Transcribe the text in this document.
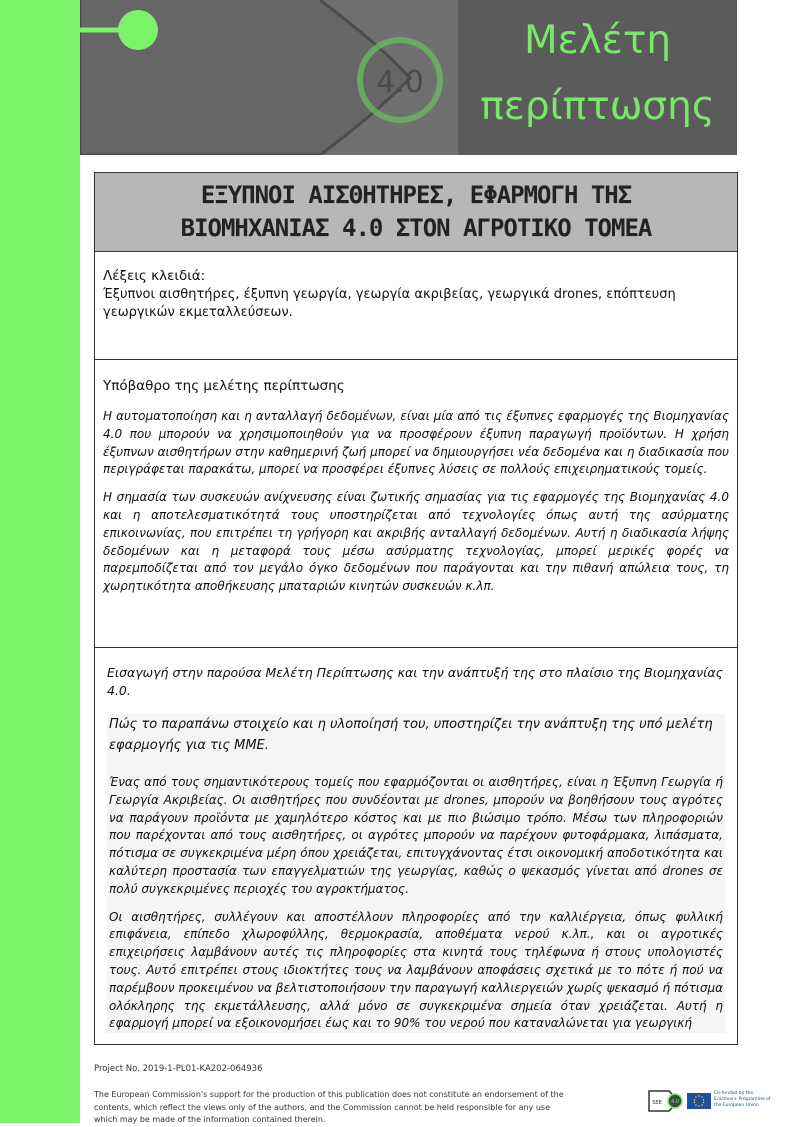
4.0
Μελέτη
περίπτωσης
ΕΞΥΠΝΟΙ ΑΙΣΘΗΤΗΡΕΣ, ΕΦΑΡΜΟΓΗ ΤΗΣ
ΒΙΟΜΗΧΑΝΙΑΣ 4.0 ΣΤΟΝ ΑΓΡΟΤΙΚΟ ΤΟΜΕΑ
Λέξεις κλειδιά:
Έξυπνοι αισθητήρες, έξυπνη γεωργία, γεωργία ακριβείας, γεωργικά drones, επόπτευση γεωργικών εκμεταλλεύσεων.
Υπόβαθρο της μελέτης περίπτωσης

Η αυτοματοποίηση και η ανταλλαγή δεδομένων, είναι μία από τις έξυπνες εφαρμογές της Βιομηχανίας 4.0 που μπορούν να χρησιμοποιηθούν για να προσφέρουν έξυπνη παραγωγή προϊόντων. Η χρήση έξυπνων αισθητήρων στην καθημερινή ζωή μπορεί να δημιουργήσει νέα δεδομένα και η διαδικασία που περιγράφεται παρακάτω, μπορεί να προσφέρει έξυπνες λύσεις σε πολλούς επιχειρηματικούς τομείς.

Η σημασία των συσκευών ανίχνευσης είναι ζωτικής σημασίας για τις εφαρμογές της Βιομηχανίας 4.0 και η αποτελεσματικότητά τους υποστηρίζεται από τεχνολογίες όπως αυτή της ασύρματης επικοινωνίας, που επιτρέπει τη γρήγορη και ακριβής ανταλλαγή δεδομένων. Αυτή η διαδικασία λήψης δεδομένων και η μεταφορά τους μέσω ασύρματης τεχνολογίας, μπορεί μερικές φορές να παρεμποδίζεται από τον μεγάλο όγκο δεδομένων που παράγονται και την πιθανή απώλεια τους, τη χωρητικότητα αποθήκευσης μπαταριών κινητών συσκευών κ.λπ.

Εισαγωγή στην παρούσα Μελέτη Περίπτωσης και την ανάπτυξή της στο πλαίσιο της Βιομηχανίας 4.0.

Πώς το παραπάνω στοιχείο και η υλοποίησή του, υποστηρίζει την ανάπτυξη της υπό μελέτη εφαρμογής για τις ΜΜΕ.

Ένας από τους σημαντικότερους τομείς που εφαρμόζονται οι αισθητήρες, είναι η Έξυπνη Γεωργία ή Γεωργία Ακριβείας. Οι αισθητήρες που συνδέονται με drones, μπορούν να βοηθήσουν τους αγρότες να παράγουν προϊόντα με χαμηλότερο κόστος και με πιο βιώσιμο τρόπο. Μέσω των πληροφοριών που παρέχονται από τους αισθητήρες, οι αγρότες μπορούν να παρέχουν φυτοφάρμακα, λιπάσματα, πότισμα σε συγκεκριμένα μέρη όπου χρειάζεται, επιτυγχάνοντας έτσι οικονομική αποδοτικότητα και καλύτερη προστασία των επαγγελματιών της γεωργίας, καθώς ο ψεκασμός γίνεται από drones σε πολύ συγκεκριμένες περιοχές του αγροκτήματος.

Οι αισθητήρες, συλλέγουν και αποστέλλουν πληροφορίες από την καλλιέργεια, όπως φυλλική επιφάνεια, επίπεδο χλωροφύλλης, θερμοκρασία, αποθέματα νερού κ.λπ., και οι αγροτικές επιχειρήσεις λαμβάνουν αυτές τις πληροφορίες στα κινητά τους τηλέφωνα ή στους υπολογιστές τους. Αυτό επιτρέπει στους ιδιοκτήτες τους να λαμβάνουν αποφάσεις σχετικά με το πότε ή πού να παρέμβουν προκειμένου να βελτιστοποιήσουν την παραγωγή καλλιεργειών χωρίς ψεκασμό ή πότισμα ολόκληρης της εκμετάλλευσης, αλλά μόνο σε συγκεκριμένα σημεία όταν χρειάζεται. Αυτή η εφαρμογή μπορεί να εξοικονομήσει έως και το 90% του νερού που καταναλώνεται για γεωργική

Project No. 2019-1-PL01-KA202-064936
The European Commission's support for the production of this publication does not constitute an endorsement of the contents, which reflect the views only of the authors, and the Commission cannot be held responsible for any use which may be made of the information contained therein.
SEE 4.0
Co-funded by the Erasmus+ Programme of the European Union
